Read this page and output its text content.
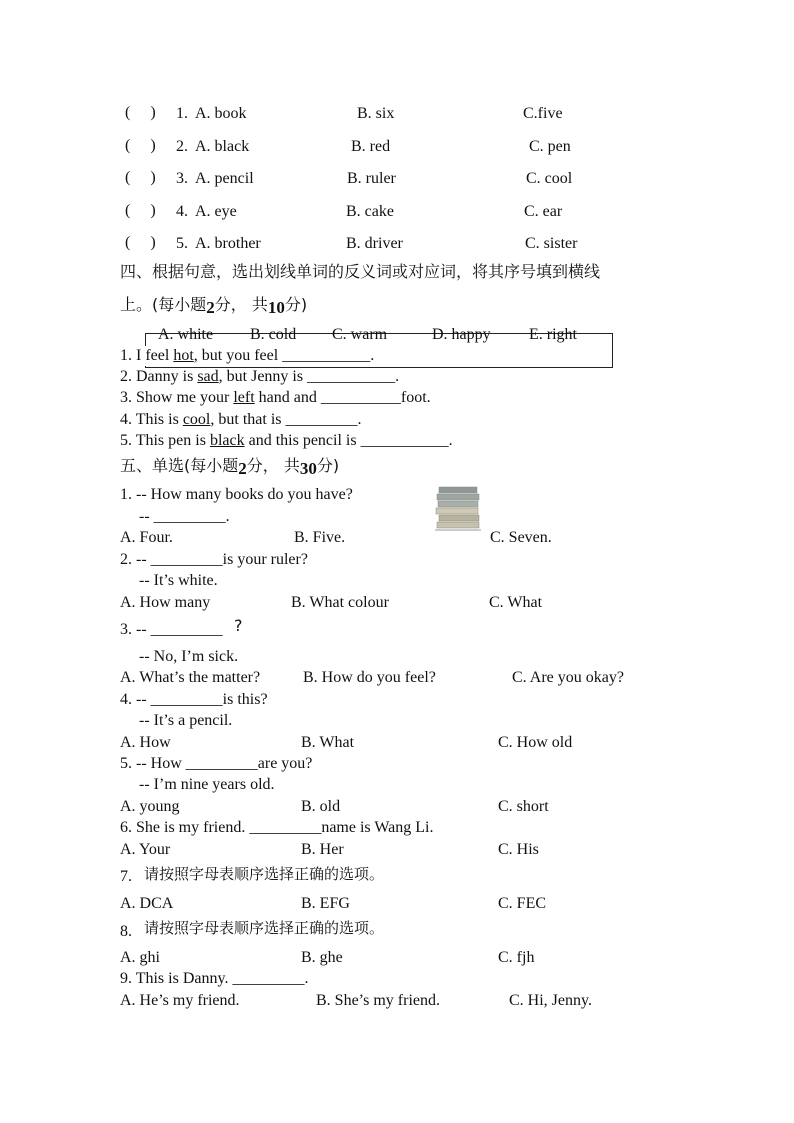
(　 ) 1. A. book	B. six	C.five
(　 ) 2. A. black	B. red	C. pen
(　 ) 3. A. pencil	B. ruler	C. cool
(　 ) 4. A. eye	B. cake	C. ear
(　 ) 5. A. brother	B. driver	C. sister
四、根据句意，选出划线单词的反义词或对应词，将其序号填到横线
上。(每小题2分， 共10分)
A. white B. cold C. warm	D. happy E. right
1. I feel hot, but you feel ___________.
2. Danny is sad, but Jenny is ___________.
3. Show me your left hand and __________foot.
4. This is cool, but that is _________.
5. This pen is black and this pencil is ___________.
五、单选(每小题2分， 共30分)
1. -- How many books do you have?
-- _________.
A. Four.	B. Five.	C. Seven.
2. -- _________is your ruler?
-- It’s white.
A. How many	B. What colour	C. What
3. -- _________ ?
-- No, I’m sick.
A. What’s the matter?	B. How do you feel?	C. Are you okay?
4. -- _________is this?
-- It’s a pencil.
A. How	B. What	C. How old
5. -- How _________are you?
-- I’m nine years old.
A. young	B. old	C. short
6. She is my friend. _________name is Wang Li.
A. Your	B. Her	C. His
7. 请按照字母表顺序选择正确的选项。
A. DCA	B. EFG	C. FEC
8. 请按照字母表顺序选择正确的选项。
A. ghi	B. ghe	C. fjh
9. This is Danny. _________.
A. He’s my friend.	B. She’s my friend.	C. Hi, Jenny.
